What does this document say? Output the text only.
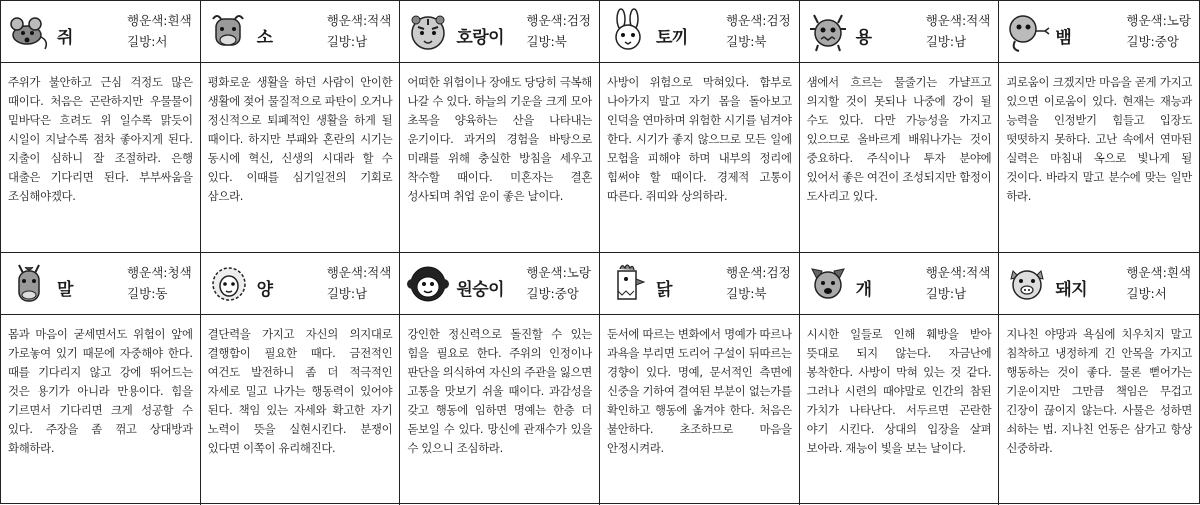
쥐
행운색:흰색
길방:서
주위가 불안하고 근심 걱정도 많은 때이다. 처음은 곤란하지만 우물물이 밑바닥은 흐려도 위 일수록 맑듯이 시일이 지날수록 점차 좋아지게 된다. 지출이 심하니 잘 조절하라. 은행 대출은 기다리면 된다. 부부싸움을 조심해야겠다.
소
행운색:적색
길방:남
평화로운 생활을 하던 사람이 안이한 생활에 젖어 물질적으로 파탄이 오거나 정신적으로 퇴폐적인 생활을 하게 될 때이다. 하지만 부패와 혼란의 시기는 동시에 혁신, 신생의 시대라 할 수 있다. 이때를 심기일전의 기회로 삼으라.
호랑이
행운색:검정
길방:북
어떠한 위험이나 장애도 당당히 극복해 나갈 수 있다. 하늘의 기운을 크게 모아 초목을 양육하는 산을 나타내는 운기이다. 과거의 경험을 바탕으로 미래를 위해 충실한 방침을 세우고 착수할 때이다. 미혼자는 결혼 성사되며 취업 운이 좋은 날이다.
토끼
행운색:검정
길방:북
사방이 위험으로 막혀있다. 함부로 나아가지 말고 자기 몸을 돌아보고 인덕을 연마하며 위험한 시기를 넘겨야 한다. 시기가 좋지 않으므로 모든 일에 모험을 피해야 하며 내부의 정리에 힘써야 할 때이다. 경제적 고통이 따른다. 쥐띠와 상의하라.
용
행운색:적색
길방:남
샘에서 흐르는 물줄기는 가냘프고 의지할 것이 못되나 나중에 강이 될 수도 있다. 다만 가능성을 가지고 있으므로 올바르게 배워나가는 것이 중요하다. 주식이나 투자 분야에 있어서 좋은 여건이 조성되지만 함정이 도사리고 있다.
뱀
행운색:노랑
길방:중앙
괴로움이 크겠지만 마음을 곧게 가지고 있으면 이로움이 있다. 현재는 재능과 능력을 인정받기 힘들고 입장도 떳떳하지 못하다. 고난 속에서 연마된 실력은 마침내 옥으로 빛나게 될 것이다. 바라지 말고 분수에 맞는 일만 하라.
말
행운색:청색
길방:동
몸과 마음이 굳세면서도 위험이 앞에 가로놓여 있기 때문에 자중해야 한다. 때를 기다리지 않고 강에 뛰어드는 것은 용기가 아니라 만용이다. 힘을 기르면서 기다리면 크게 성공할 수 있다. 주장을 좀 꺾고 상대방과 화해하라.
양
행운색:적색
길방:남
결단력을 가지고 자신의 의지대로 결행함이 필요한 때다. 금전적인 여건도 발전하니 좀 더 적극적인 자세로 밀고 나가는 행동력이 있어야 된다. 책임 있는 자세와 확고한 자기 노력이 뜻을 실현시킨다. 분쟁이 있다면 이쪽이 유리해진다.
원숭이
행운색:노랑
길방:중앙
강인한 정신력으로 돌진할 수 있는 힘을 필요로 한다. 주위의 인정이나 판단을 의식하여 자신의 주관을 잃으면 고통을 맛보기 쉬울 때이다. 과감성을 갖고 행동에 임하면 명예는 한층 더 돋보일 수 있다. 망신에 관재수가 있을 수 있으니 조심하라.
닭
행운색:검정
길방:북
둔서에 따르는 변화에서 명예가 따르나 과욕을 부리면 도리어 구설이 뒤따르는 경향이 있다. 명예, 문서적인 측면에 신중을 기하여 결여된 부분이 없는가를 확인하고 행동에 옮겨야 한다. 처음은 불안하다. 초조하므로 마음을 안정시켜라.
개
행운색:적색
길방:남
시시한 일들로 인해 훼방을 받아 뜻대로 되지 않는다. 자금난에 봉착한다. 사방이 막혀 있는 것 같다. 그러나 시련의 때야말로 인간의 참된 가치가 나타난다. 서두르면 곤란한 야기 시킨다. 상대의 입장을 살펴 보아라. 재능이 빛을 보는 날이다.
돼지
행운색:흰색
길방:서
지나친 야망과 욕심에 치우치지 말고 침착하고 냉정하게 긴 안목을 가지고 행동하는 것이 좋다. 물론 뻗어가는 기운이지만 그만큼 책임은 무겁고 긴장이 끊이지 않는다. 사물은 성하면 쇠하는 법. 지나친 언동은 삼가고 항상 신중하라.
